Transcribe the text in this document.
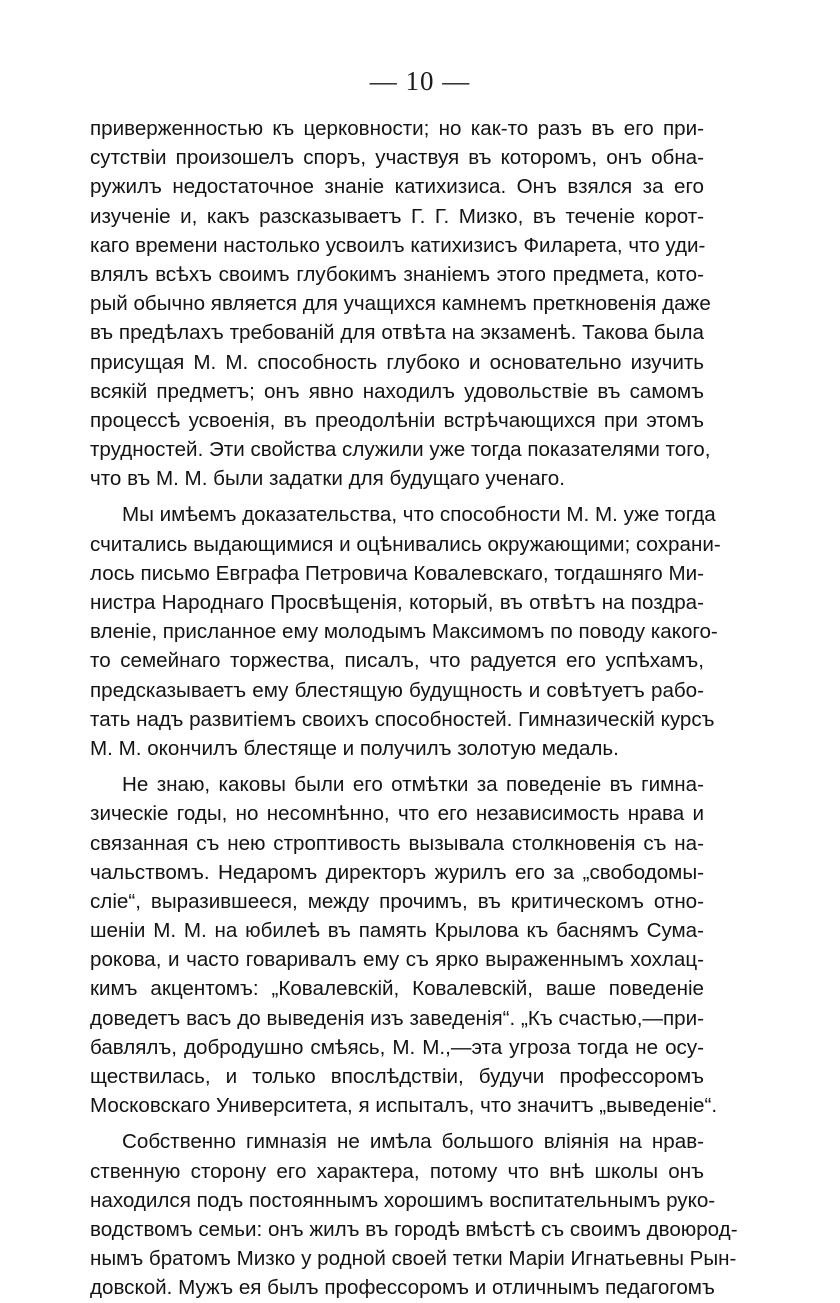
— 10 —
приверженностью къ церковности; но как-то разъ въ его при-
сутствіи произошелъ споръ, участвуя въ которомъ, онъ обна-
ружилъ недостаточное знаніе катихизиса. Онъ взялся за его
изученіе и, какъ разсказываетъ Г. Г. Мизко, въ теченіе корот-
каго времени настолько усвоилъ катихизисъ Филарета, что уди-
влялъ всѣхъ своимъ глубокимъ знаніемъ этого предмета, кото-
рый обычно является для учащихся камнемъ преткновенія даже
въ предѣлахъ требованій для отвѣта на экзаменѣ. Такова была
присущая М. М. способность глубоко и основательно изучить
всякій предметъ; онъ явно находилъ удовольствіе въ самомъ
процессѣ усвоенія, въ преодолѣніи встрѣчающихся при этомъ
трудностей. Эти свойства служили уже тогда показателями того,
что въ М. М. были задатки для будущаго ученаго.
Мы имѣемъ доказательства, что способности М. М. уже тогда
считались выдающимися и оцѣнивались окружающими; сохрани-
лось письмо Евграфа Петровича Ковалевскаго, тогдашняго Ми-
нистра Народнаго Просвѣщенія, который, въ отвѣтъ на поздра-
вленіе, присланное ему молодымъ Максимомъ по поводу какого-
то семейнаго торжества, писалъ, что радуется его успѣхамъ,
предсказываетъ ему блестящую будущность и совѣтуетъ рабо-
тать надъ развитіемъ своихъ способностей. Гимназическій курсъ
М. М. окончилъ блестяще и получилъ золотую медаль.
Не знаю, каковы были его отмѣтки за поведеніе въ гимна-
зическіе годы, но несомнѣнно, что его независимость нрава и
связанная съ нею строптивость вызывала столкновенія съ на-
чальствомъ. Недаромъ директоръ журилъ его за „свободомы-
сліе“, выразившееся, между прочимъ, въ критическомъ отно-
шеніи М. М. на юбилеѣ въ память Крылова къ баснямъ Сума-
рокова, и часто говаривалъ ему съ ярко выраженнымъ хохлац-
кимъ акцентомъ: „Ковалевскій, Ковалевскій, ваше поведеніе
доведетъ васъ до выведенія изъ заведенія“. „Къ счастью,—при-
бавлялъ, добродушно смѣясь, М. М.,—эта угроза тогда не осу-
ществилась, и только впослѣдствіи, будучи профессоромъ
Московскаго Университета, я испыталъ, что значитъ „выведеніе“.
Собственно гимназія не имѣла большого вліянія на нрав-
ственную сторону его характера, потому что внѣ школы онъ
находился подъ постояннымъ хорошимъ воспитательнымъ руко-
водствомъ семьи: онъ жилъ въ городѣ вмѣстѣ съ своимъ двоюрод-
нымъ братомъ Мизко у родной своей тетки Маріи Игнатьевны Рын-
довской. Мужъ ея былъ профессоромъ и отличнымъ педагогомъ
